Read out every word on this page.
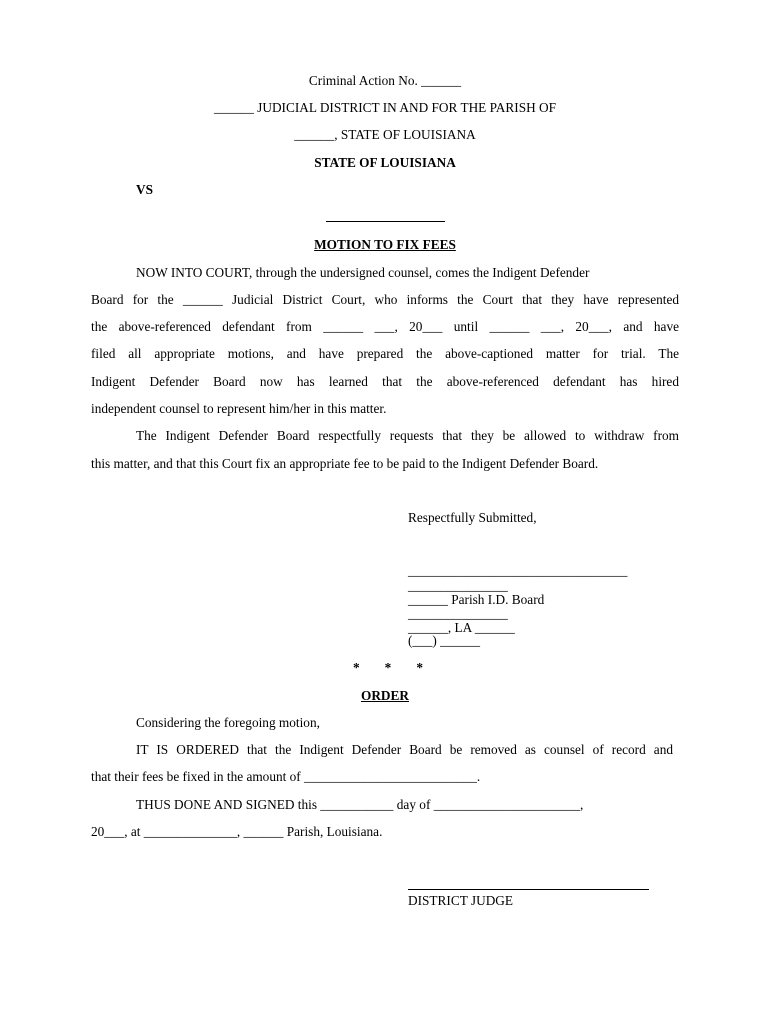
Criminal Action No. ______
______ JUDICIAL DISTRICT IN AND FOR THE PARISH OF
______, STATE OF LOUISIANA
STATE OF LOUISIANA
VS
MOTION TO FIX FEES
NOW INTO COURT, through the undersigned counsel, comes the Indigent Defender
Board for the ______ Judicial District Court, who informs the Court that they have represented
the above-referenced defendant from ______ ___, 20___ until ______ ___, 20___, and have
filed all appropriate motions, and have prepared the above-captioned matter for trial. The
Indigent Defender Board now has learned that the above-referenced defendant has hired
independent counsel to represent him/her in this matter.
The Indigent Defender Board respectfully requests that they be allowed to withdraw from
this matter, and that this Court fix an appropriate fee to be paid to the Indigent Defender Board.
Respectfully Submitted,
_________________________________
_______________
______ Parish I.D. Board
_______________
______, LA ______
(___) ______
* * *
ORDER
Considering the foregoing motion,
IT IS ORDERED that the Indigent Defender Board be removed as counsel of record and
that their fees be fixed in the amount of __________________________.
THUS DONE AND SIGNED this ___________ day of ______________________,
20___, at ______________, ______ Parish, Louisiana.
DISTRICT JUDGE
